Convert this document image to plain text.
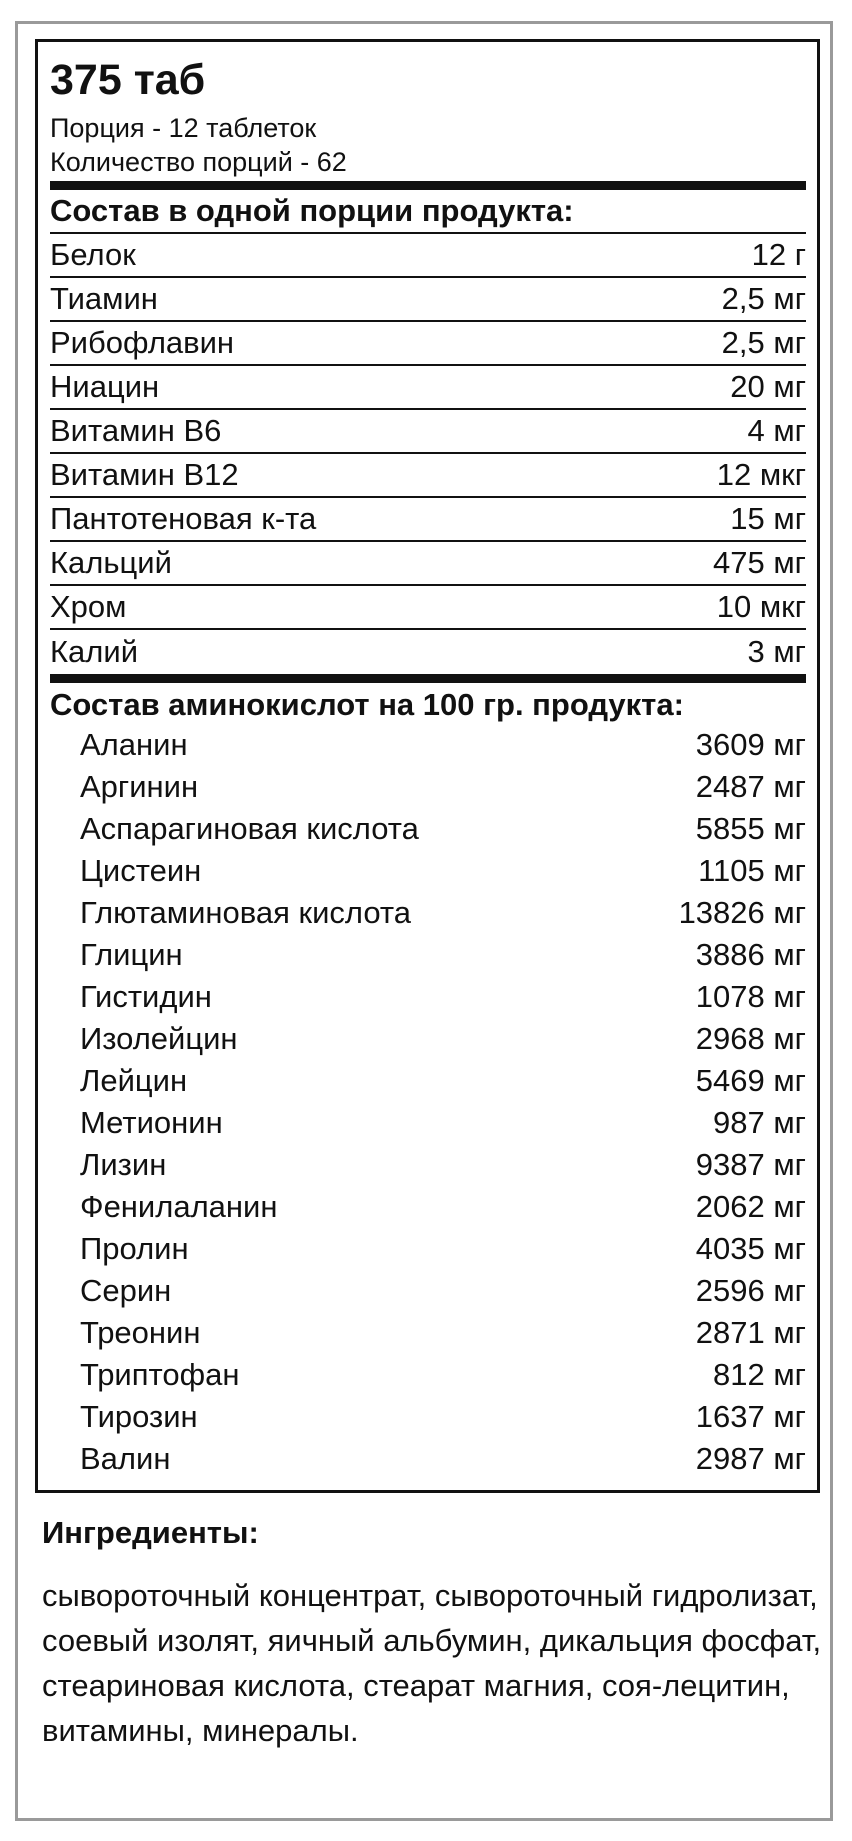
375 таб
Порция - 12 таблеток
Количество порций - 62
Состав в одной порции продукта:
Белок	12 г
Тиамин	2,5 мг
Рибофлавин	2,5 мг
Ниацин	20 мг
Витамин В6	4 мг
Витамин В12	12 мкг
Пантотеновая к-та	15 мг
Кальций	475 мг
Хром	10 мкг
Калий	3 мг
Состав аминокислот на 100 гр. продукта:
Аланин	3609 мг
Аргинин	2487 мг
Аспарагиновая кислота	5855 мг
Цистеин	1105 мг
Глютаминовая кислота	13826 мг
Глицин	3886 мг
Гистидин	1078 мг
Изолейцин	2968 мг
Лейцин	5469 мг
Метионин	987 мг
Лизин	9387 мг
Фенилаланин	2062 мг
Пролин	4035 мг
Серин	2596 мг
Треонин	2871 мг
Триптофан	812 мг
Тирозин	1637 мг
Валин	2987 мг
Ингредиенты:
сывороточный концентрат, сывороточный гидролизат, соевый изолят, яичный альбумин, дикальция фосфат, стеариновая кислота, стеарат магния, соя-лецитин, витамины, минералы.
